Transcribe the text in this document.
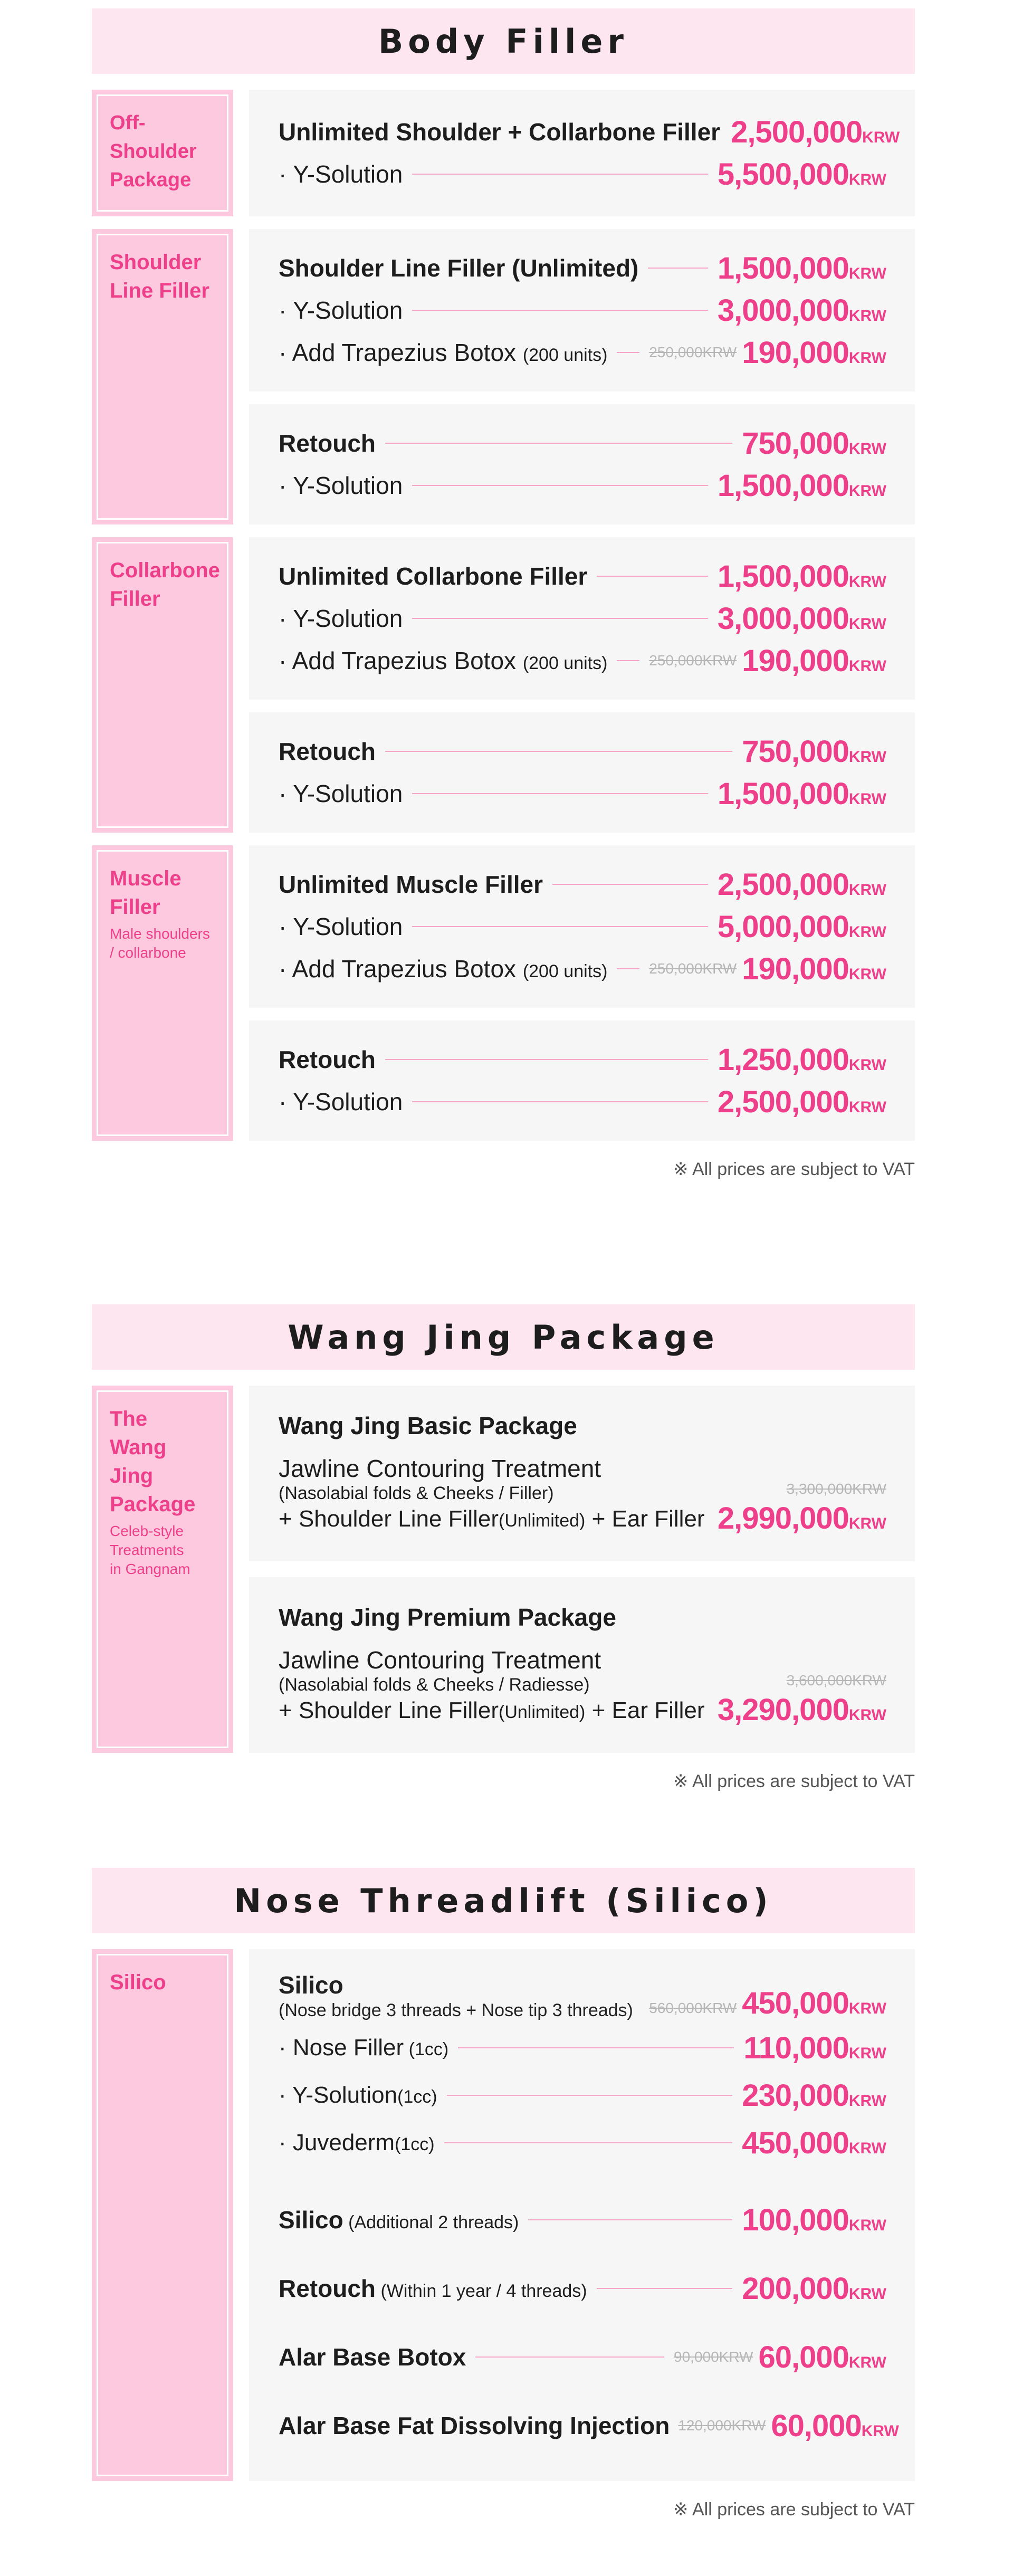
Body Filler
Off-Shoulder
Package
Unlimited Shoulder + Collarbone Filler 2,500,000KRW
· Y-Solution	5,500,000KRW
Shoulder
Line Filler
Shoulder Line Filler (Unlimited)	1,500,000KRW
· Y-Solution	3,000,000KRW
· Add Trapezius Botox (200 units)	250,000KRW 190,000KRW
Retouch	750,000KRW
· Y-Solution	1,500,000KRW
Collarbone
Filler
Unlimited Collarbone Filler	1,500,000KRW
· Y-Solution	3,000,000KRW
· Add Trapezius Botox (200 units)	250,000KRW 190,000KRW
Retouch	750,000KRW
· Y-Solution	1,500,000KRW
Muscle
Filler
Male shoulders
/ collarbone
Unlimited Muscle Filler	2,500,000KRW
· Y-Solution	5,000,000KRW
· Add Trapezius Botox (200 units)	250,000KRW 190,000KRW
Retouch	1,250,000KRW
· Y-Solution	2,500,000KRW
※ All prices are subject to VAT
Wang Jing Package
The
Wang Jing
Package
Celeb-style
Treatments
in Gangnam
Wang Jing Basic Package
Jawline Contouring Treatment
(Nasolabial folds & Cheeks / Filler)
+ Shoulder Line Filler(Unlimited) + Ear Filler
3,300,000KRW
2,990,000KRW
Wang Jing Premium Package
Jawline Contouring Treatment
(Nasolabial folds & Cheeks / Radiesse)
+ Shoulder Line Filler(Unlimited) + Ear Filler
3,600,000KRW
3,290,000KRW
※ All prices are subject to VAT
Nose Threadlift (Silico)
Silico	Silico
(Nose bridge 3 threads + Nose tip 3 threads)	560,000KRW 450,000KRW
· Nose Filler (1cc)	110,000KRW
· Y-Solution(1cc)	230,000KRW
· Juvederm(1cc)	450,000KRW
Silico (Additional 2 threads)	100,000KRW
Retouch (Within 1 year / 4 threads)	200,000KRW
Alar Base Botox	90,000KRW 60,000KRW
Alar Base Fat Dissolving Injection 120,000KRW 60,000KRW
※ All prices are subject to VAT
